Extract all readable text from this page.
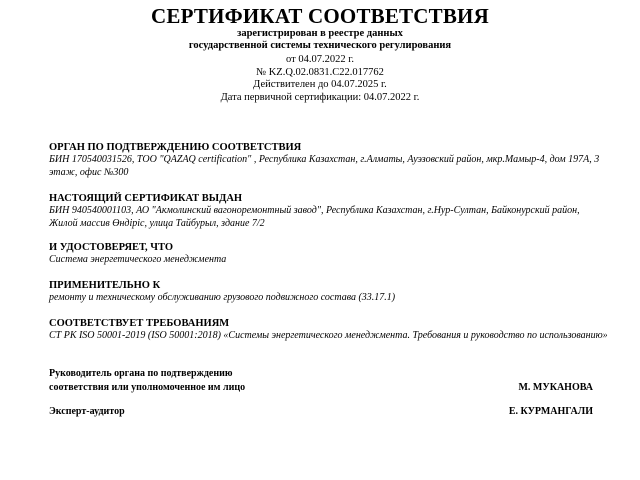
СЕРТИФИКАТ СООТВЕТСТВИЯ
зарегистрирован в реестре данных
государственной системы технического регулирования
от 04.07.2022 г.
№ KZ.Q.02.0831.С22.017762
Действителен до 04.07.2025 г.
Дата первичной сертификации: 04.07.2022 г.
ОРГАН ПО ПОДТВЕРЖДЕНИЮ СООТВЕТСТВИЯ
БИН 170540031526, ТОО "QAZAQ certification" , Республика Казахстан, г.Алматы, Ауэзовский район, мкр.Мамыр-4, дом 197А, 3 этаж, офис №300
НАСТОЯЩИЙ СЕРТИФИКАТ ВЫДАН
БИН 940540001103, АО "Акмолинский вагоноремонтный завод", Республика Казахстан, г.Нур-Султан, Байконурский район, Жилой массив Өндіріс, улица Тайбурыл, здание 7/2
И УДОСТОВЕРЯЕТ, ЧТО
Система энергетического менеджмента
ПРИМЕНИТЕЛЬНО К
ремонту и техническому обслуживанию грузового подвижного состава (33.17.1)
СООТВЕТСТВУЕТ ТРЕБОВАНИЯМ
СТ РК ISO 50001-2019 (ISO 50001:2018) «Системы энергетического менеджмента. Требования и руководство по использованию»
Руководитель органа по подтверждению
соответствия или уполномоченное им лицо	М. МУКАНОВА
Эксперт-аудитор	Е. КУРМАНГАЛИ
